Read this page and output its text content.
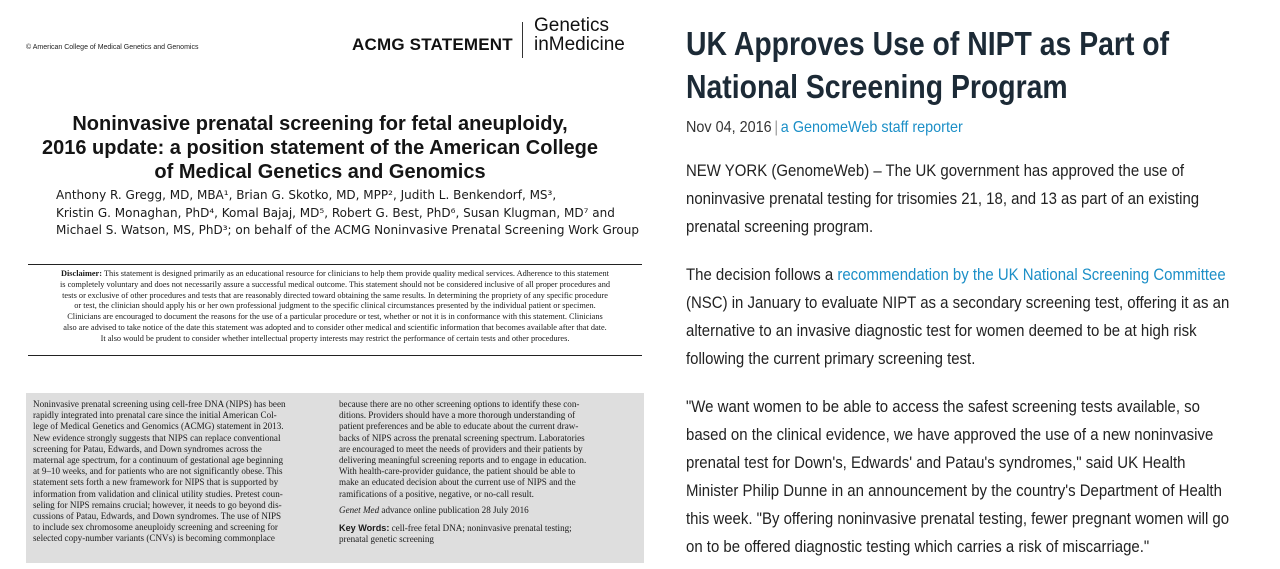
© American College of Medical Genetics and Genomics	ACMG STATEMENT
Genetics
inMedicine
Noninvasive prenatal screening for fetal aneuploidy,
2016 update: a position statement of the American College
of Medical Genetics and Genomics
Anthony R. Gregg, MD, MBA¹, Brian G. Skotko, MD, MPP², Judith L. Benkendorf, MS³,
Kristin G. Monaghan, PhD⁴, Komal Bajaj, MD⁵, Robert G. Best, PhD⁶, Susan Klugman, MD⁷ and
Michael S. Watson, MS, PhD³; on behalf of the ACMG Noninvasive Prenatal Screening Work Group
Disclaimer: This statement is designed primarily as an educational resource for clinicians to help them provide quality medical services. Adherence to this statement
is completely voluntary and does not necessarily assure a successful medical outcome. This statement should not be considered inclusive of all proper procedures and
tests or exclusive of other procedures and tests that are reasonably directed toward obtaining the same results. In determining the propriety of any specific procedure
or test, the clinician should apply his or her own professional judgment to the specific clinical circumstances presented by the individual patient or specimen.
Clinicians are encouraged to document the reasons for the use of a particular procedure or test, whether or not it is in conformance with this statement. Clinicians
also are advised to take notice of the date this statement was adopted and to consider other medical and scientific information that becomes available after that date.
It also would be prudent to consider whether intellectual property interests may restrict the performance of certain tests and other procedures.
Noninvasive prenatal screening using cell-free DNA (NIPS) has been
rapidly integrated into prenatal care since the initial American Col-
lege of Medical Genetics and Genomics (ACMG) statement in 2013.
New evidence strongly suggests that NIPS can replace conventional
screening for Patau, Edwards, and Down syndromes across the
maternal age spectrum, for a continuum of gestational age beginning
at 9–10 weeks, and for patients who are not significantly obese. This
statement sets forth a new framework for NIPS that is supported by
information from validation and clinical utility studies. Pretest coun-
seling for NIPS remains crucial; however, it needs to go beyond dis-
cussions of Patau, Edwards, and Down syndromes. The use of NIPS
to include sex chromosome aneuploidy screening and screening for
selected copy-number variants (CNVs) is becoming commonplace
because there are no other screening options to identify these con-
ditions. Providers should have a more thorough understanding of
patient preferences and be able to educate about the current draw-
backs of NIPS across the prenatal screening spectrum. Laboratories
are encouraged to meet the needs of providers and their patients by
delivering meaningful screening reports and to engage in education.
With health-care-provider guidance, the patient should be able to
make an educated decision about the current use of NIPS and the
ramifications of a positive, negative, or no-call result.
Genet Med advance online publication 28 July 2016
Key Words: cell-free fetal DNA; noninvasive prenatal testing;
prenatal genetic screening
UK Approves Use of NIPT as Part of
National Screening Program
Nov 04, 2016 | a GenomeWeb staff reporter
NEW YORK (GenomeWeb) – The UK government has approved the use of
noninvasive prenatal testing for trisomies 21, 18, and 13 as part of an existing
prenatal screening program.
The decision follows a recommendation by the UK National Screening Committee
(NSC) in January to evaluate NIPT as a secondary screening test, offering it as an
alternative to an invasive diagnostic test for women deemed to be at high risk
following the current primary screening test.
"We want women to be able to access the safest screening tests available, so
based on the clinical evidence, we have approved the use of a new noninvasive
prenatal test for Down's, Edwards' and Patau's syndromes," said UK Health
Minister Philip Dunne in an announcement by the country's Department of Health
this week. "By offering noninvasive prenatal testing, fewer pregnant women will go
on to be offered diagnostic testing which carries a risk of miscarriage."
